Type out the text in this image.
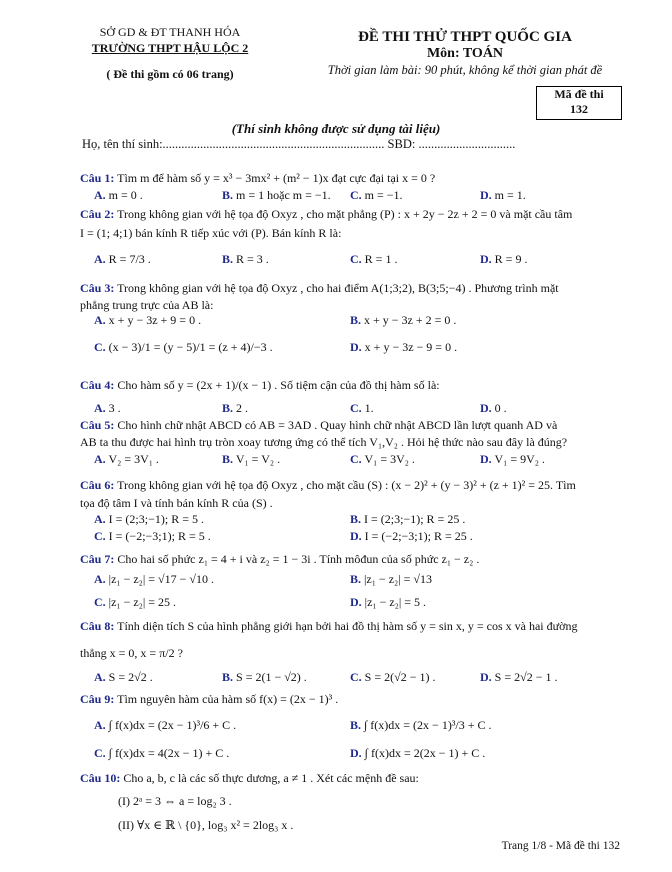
SỞ GD & ĐT THANH HÓA
TRƯỜNG THPT HẬU LỘC 2
( Đề thi gồm có 06 trang)
ĐỀ THI THỬ THPT QUỐC GIA
Môn: TOÁN
Thời gian làm bài: 90 phút, không kể thời gian phát đề
Mã đề thi
132
(Thí sinh không được sử dụng tài liệu)
Họ, tên thí sinh:....................................................................... SBD: ...............................
Câu 1: Tìm m để hàm số y = x³ − 3mx² + (m² − 1)x đạt cực đại tại x = 0 ?
A. m = 0 .	B. m = 1 hoặc m = −1. C. m = −1.	D. m = 1.
Câu 2: Trong không gian với hệ tọa độ Oxyz , cho mặt phẳng (P) : x + 2y − 2z + 2 = 0 và mặt cầu tâm
I = (1; 4;1) bán kính R tiếp xúc với (P). Bán kính R là:
A. R = 7/3 .	B. R = 3 .	C. R = 1 .	D. R = 9 .
Câu 3: Trong không gian với hệ tọa độ Oxyz , cho hai điểm A(1;3;2), B(3;5;−4) . Phương trình mặt
phẳng trung trực của AB là:
A. x + y − 3z + 9 = 0 .	B. x + y − 3z + 2 = 0 .
C. (x − 3)/1 = (y − 5)/1 = (z + 4)/−3 .	D. x + y − 3z − 9 = 0 .
Câu 4: Cho hàm số y = (2x + 1)/(x − 1) . Số tiệm cận của đồ thị hàm số là:
A. 3 .	B. 2 .	C. 1.	D. 0 .
Câu 5: Cho hình chữ nhật ABCD có AB = 3AD . Quay hình chữ nhật ABCD lần lượt quanh AD và
AB ta thu được hai hình trụ tròn xoay tương ứng có thể tích V₁,V₂ . Hỏi hệ thức nào sau đây là đúng?
A. V₂ = 3V₁ .	B. V₁ = V₂ .	C. V₁ = 3V₂ .	D. V₁ = 9V₂ .
Câu 6: Trong không gian với hệ tọa độ Oxyz , cho mặt cầu (S) : (x − 2)² + (y − 3)² + (z + 1)² = 25. Tìm
tọa độ tâm I và tính bán kính R của (S) .
A. I = (2;3;−1); R = 5 .	B. I = (2;3;−1); R = 25 .
C. I = (−2;−3;1); R = 5 .	D. I = (−2;−3;1); R = 25 .
Câu 7: Cho hai số phức z₁ = 4 + i và z₂ = 1 − 3i . Tính môđun của số phức z₁ − z₂ .
A. |z₁ − z₂| = √17 − √10 .	B. |z₁ − z₂| = √13
C. |z₁ − z₂| = 25 .	D. |z₁ − z₂| = 5 .
Câu 8: Tính diện tích S của hình phẳng giới hạn bởi hai đồ thị hàm số y = sin x, y = cos x và hai đường
thẳng x = 0, x = π/2 ?
A. S = 2√2 .	B. S = 2(1 − √2) .	C. S = 2(√2 − 1) .	D. S = 2√2 − 1 .
Câu 9: Tìm nguyên hàm của hàm số f(x) = (2x − 1)³ .
A. ∫ f(x)dx = (2x − 1)³/6 + C .	B. ∫ f(x)dx = (2x − 1)³/3 + C .
C. ∫ f(x)dx = 4(2x − 1) + C .	D. ∫ f(x)dx = 2(2x − 1) + C .
Câu 10: Cho a, b, c là các số thực dương, a ≠ 1 . Xét các mệnh đề sau:
(I) 2ᵃ = 3 ⇔ a = log₂ 3 .
(II) ∀x ∈ ℝ \ {0}, log₃ x² = 2log₃ x .
Trang 1/8 - Mã đề thi 132
